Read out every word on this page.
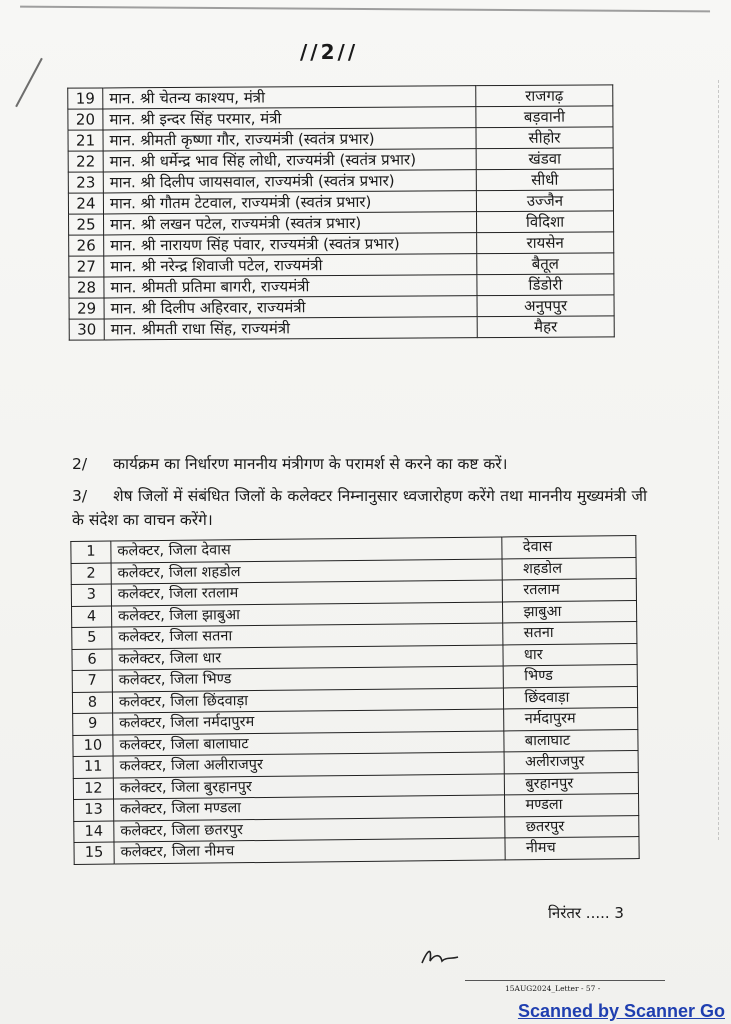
//2//
19	मान. श्री चेतन्य काश्यप, मंत्री	राजगढ़
20	मान. श्री इन्दर सिंह परमार, मंत्री	बड़वानी
21	मान. श्रीमती कृष्णा गौर, राज्यमंत्री (स्वतंत्र प्रभार)	सीहोर
22	मान. श्री धर्मेन्द्र भाव सिंह लोधी, राज्यमंत्री (स्वतंत्र प्रभार)	खंडवा
23	मान. श्री दिलीप जायसवाल, राज्यमंत्री (स्वतंत्र प्रभार)	सीधी
24	मान. श्री गौतम टेटवाल, राज्यमंत्री (स्वतंत्र प्रभार)	उज्जैन
25	मान. श्री लखन पटेल, राज्यमंत्री (स्वतंत्र प्रभार)	विदिशा
26	मान. श्री नारायण सिंह पंवार, राज्यमंत्री (स्वतंत्र प्रभार)	रायसेन
27	मान. श्री नरेन्द्र शिवाजी पटेल, राज्यमंत्री	बैतूल
28	मान. श्रीमती प्रतिमा बागरी, राज्यमंत्री	डिंडोरी
29	मान. श्री दिलीप अहिरवार, राज्यमंत्री	अनुपपुर
30	मान. श्रीमती राधा सिंह, राज्यमंत्री	मैहर
2/ कार्यक्रम का निर्धारण माननीय मंत्रीगण के परामर्श से करने का कष्ट करें।
3/ शेष जिलों में संबंधित जिलों के कलेक्टर निम्नानुसार ध्वजारोहण करेंगे तथा माननीय मुख्यमंत्री जी के संदेश का वाचन करेंगे।
1	कलेक्टर, जिला देवास	देवास
2	कलेक्टर, जिला शहडोल	शहडोल
3	कलेक्टर, जिला रतलाम	रतलाम
4	कलेक्टर, जिला झाबुआ	झाबुआ
5	कलेक्टर, जिला सतना	सतना
6	कलेक्टर, जिला धार	धार
7	कलेक्टर, जिला भिण्ड	भिण्ड
8	कलेक्टर, जिला छिंदवाड़ा	छिंदवाड़ा
9	कलेक्टर, जिला नर्मदापुरम	नर्मदापुरम
10	कलेक्टर, जिला बालाघाट	बालाघाट
11	कलेक्टर, जिला अलीराजपुर	अलीराजपुर
12	कलेक्टर, जिला बुरहानपुर	बुरहानपुर
13	कलेक्टर, जिला मण्डला	मण्डला
14	कलेक्टर, जिला छतरपुर	छतरपुर
15	कलेक्टर, जिला नीमच	नीमच
निरंतर ..... 3
15AUG2024_Letter - 57 -
Scanned by Scanner Go
